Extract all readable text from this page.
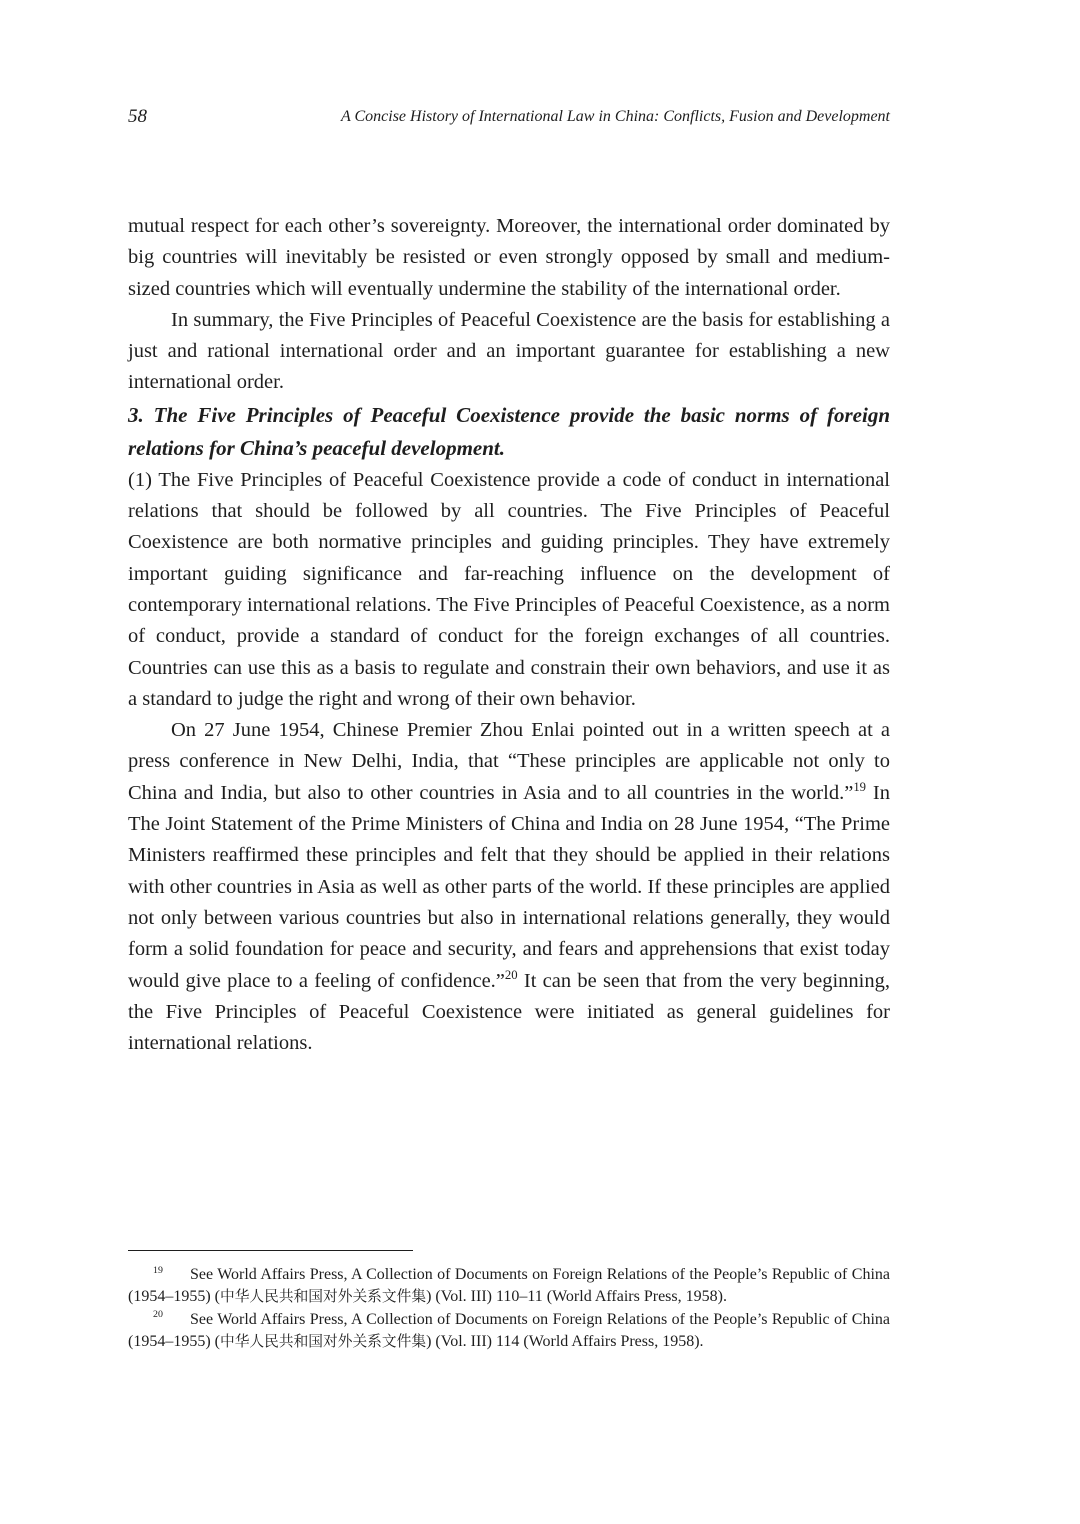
58	A Concise History of International Law in China: Conflicts, Fusion and Development

mutual respect for each other’s sovereignty. Moreover, the international order dominated by big countries will inevitably be resisted or even strongly opposed by small and medium-sized countries which will eventually undermine the stability of the international order.

In summary, the Five Principles of Peaceful Coexistence are the basis for establishing a just and rational international order and an important guarantee for establishing a new international order.

3. The Five Principles of Peaceful Coexistence provide the basic norms of foreign relations for China’s peaceful development.

(1) The Five Principles of Peaceful Coexistence provide a code of conduct in international relations that should be followed by all countries. The Five Principles of Peaceful Coexistence are both normative principles and guiding principles. They have extremely important guiding significance and far-reaching influence on the development of contemporary international relations. The Five Principles of Peaceful Coexistence, as a norm of conduct, provide a standard of conduct for the foreign exchanges of all countries. Countries can use this as a basis to regulate and constrain their own behaviors, and use it as a standard to judge the right and wrong of their own behavior.

On 27 June 1954, Chinese Premier Zhou Enlai pointed out in a written speech at a press conference in New Delhi, India, that “These principles are applicable not only to China and India, but also to other countries in Asia and to all countries in the world.”$^{19}$ In The Joint Statement of the Prime Ministers of China and India on 28 June 1954, “The Prime Ministers reaffirmed these principles and felt that they should be applied in their relations with other countries in Asia as well as other parts of the world. If these principles are applied not only between various countries but also in international relations generally, they would form a solid foundation for peace and security, and fears and apprehensions that exist today would give place to a feeling of confidence.”$^{20}$ It can be seen that from the very beginning, the Five Principles of Peaceful Coexistence were initiated as general guidelines for international relations.

19 See World Affairs Press, A Collection of Documents on Foreign Relations of the People’s Republic of China (1954–1955) (中华人民共和国对外关系文件集) (Vol. III) 110–11 (World Affairs Press, 1958).

20 See World Affairs Press, A Collection of Documents on Foreign Relations of the People’s Republic of China (1954–1955) (中华人民共和国对外关系文件集) (Vol. III) 114 (World Affairs Press, 1958).
